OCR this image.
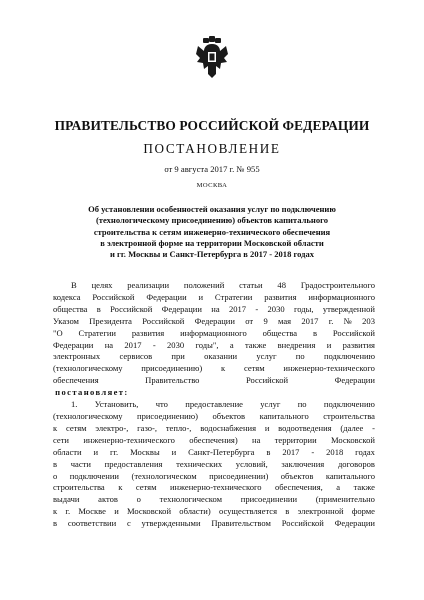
ПРАВИТЕЛЬСТВО РОССИЙСКОЙ ФЕДЕРАЦИИ
ПОСТАНОВЛЕНИЕ
от 9 августа 2017 г. № 955
МОСКВА
Об установлении особенностей оказания услуг по подключению
(технологическому присоединению) объектов капитального
строительства к сетям инженерно-технического обеспечения
в электронной форме на территории Московской области
и гг. Москвы и Санкт-Петербурга в 2017 - 2018 годах
В целях реализации положений статьи 48 Градостроительного
кодекса Российской Федерации и Стратегии развития информационного
общества в Российской Федерации на 2017 - 2030 годы, утвержденной
Указом Президента Российской Федерации от 9 мая 2017 г. № 203
"О Стратегии развития информационного общества в Российской
Федерации на 2017 - 2030 годы", а также внедрения и развития
электронных сервисов при оказании услуг по подключению
(технологическому присоединению) к сетям инженерно-технического
обеспечения	Правительство	Российской	Федерации

постановляет:
1. Установить, что предоставление услуг по подключению
(технологическому присоединению) объектов капитального строительства
к сетям электро-, газо-, тепло-, водоснабжения и водоотведения (далее -
сети инженерно-технического обеспечения) на территории Московской
области и гг. Москвы и Санкт-Петербурга в 2017 - 2018 годах
в части предоставления технических условий, заключения договоров
о подключении (технологическом присоединении) объектов капитального
строительства к сетям инженерно-технического обеспечения, а также
выдачи актов о технологическом присоединении (применительно
к г. Москве и Московской области) осуществляется в электронной форме
в соответствии с утвержденными Правительством Российской Федерации
